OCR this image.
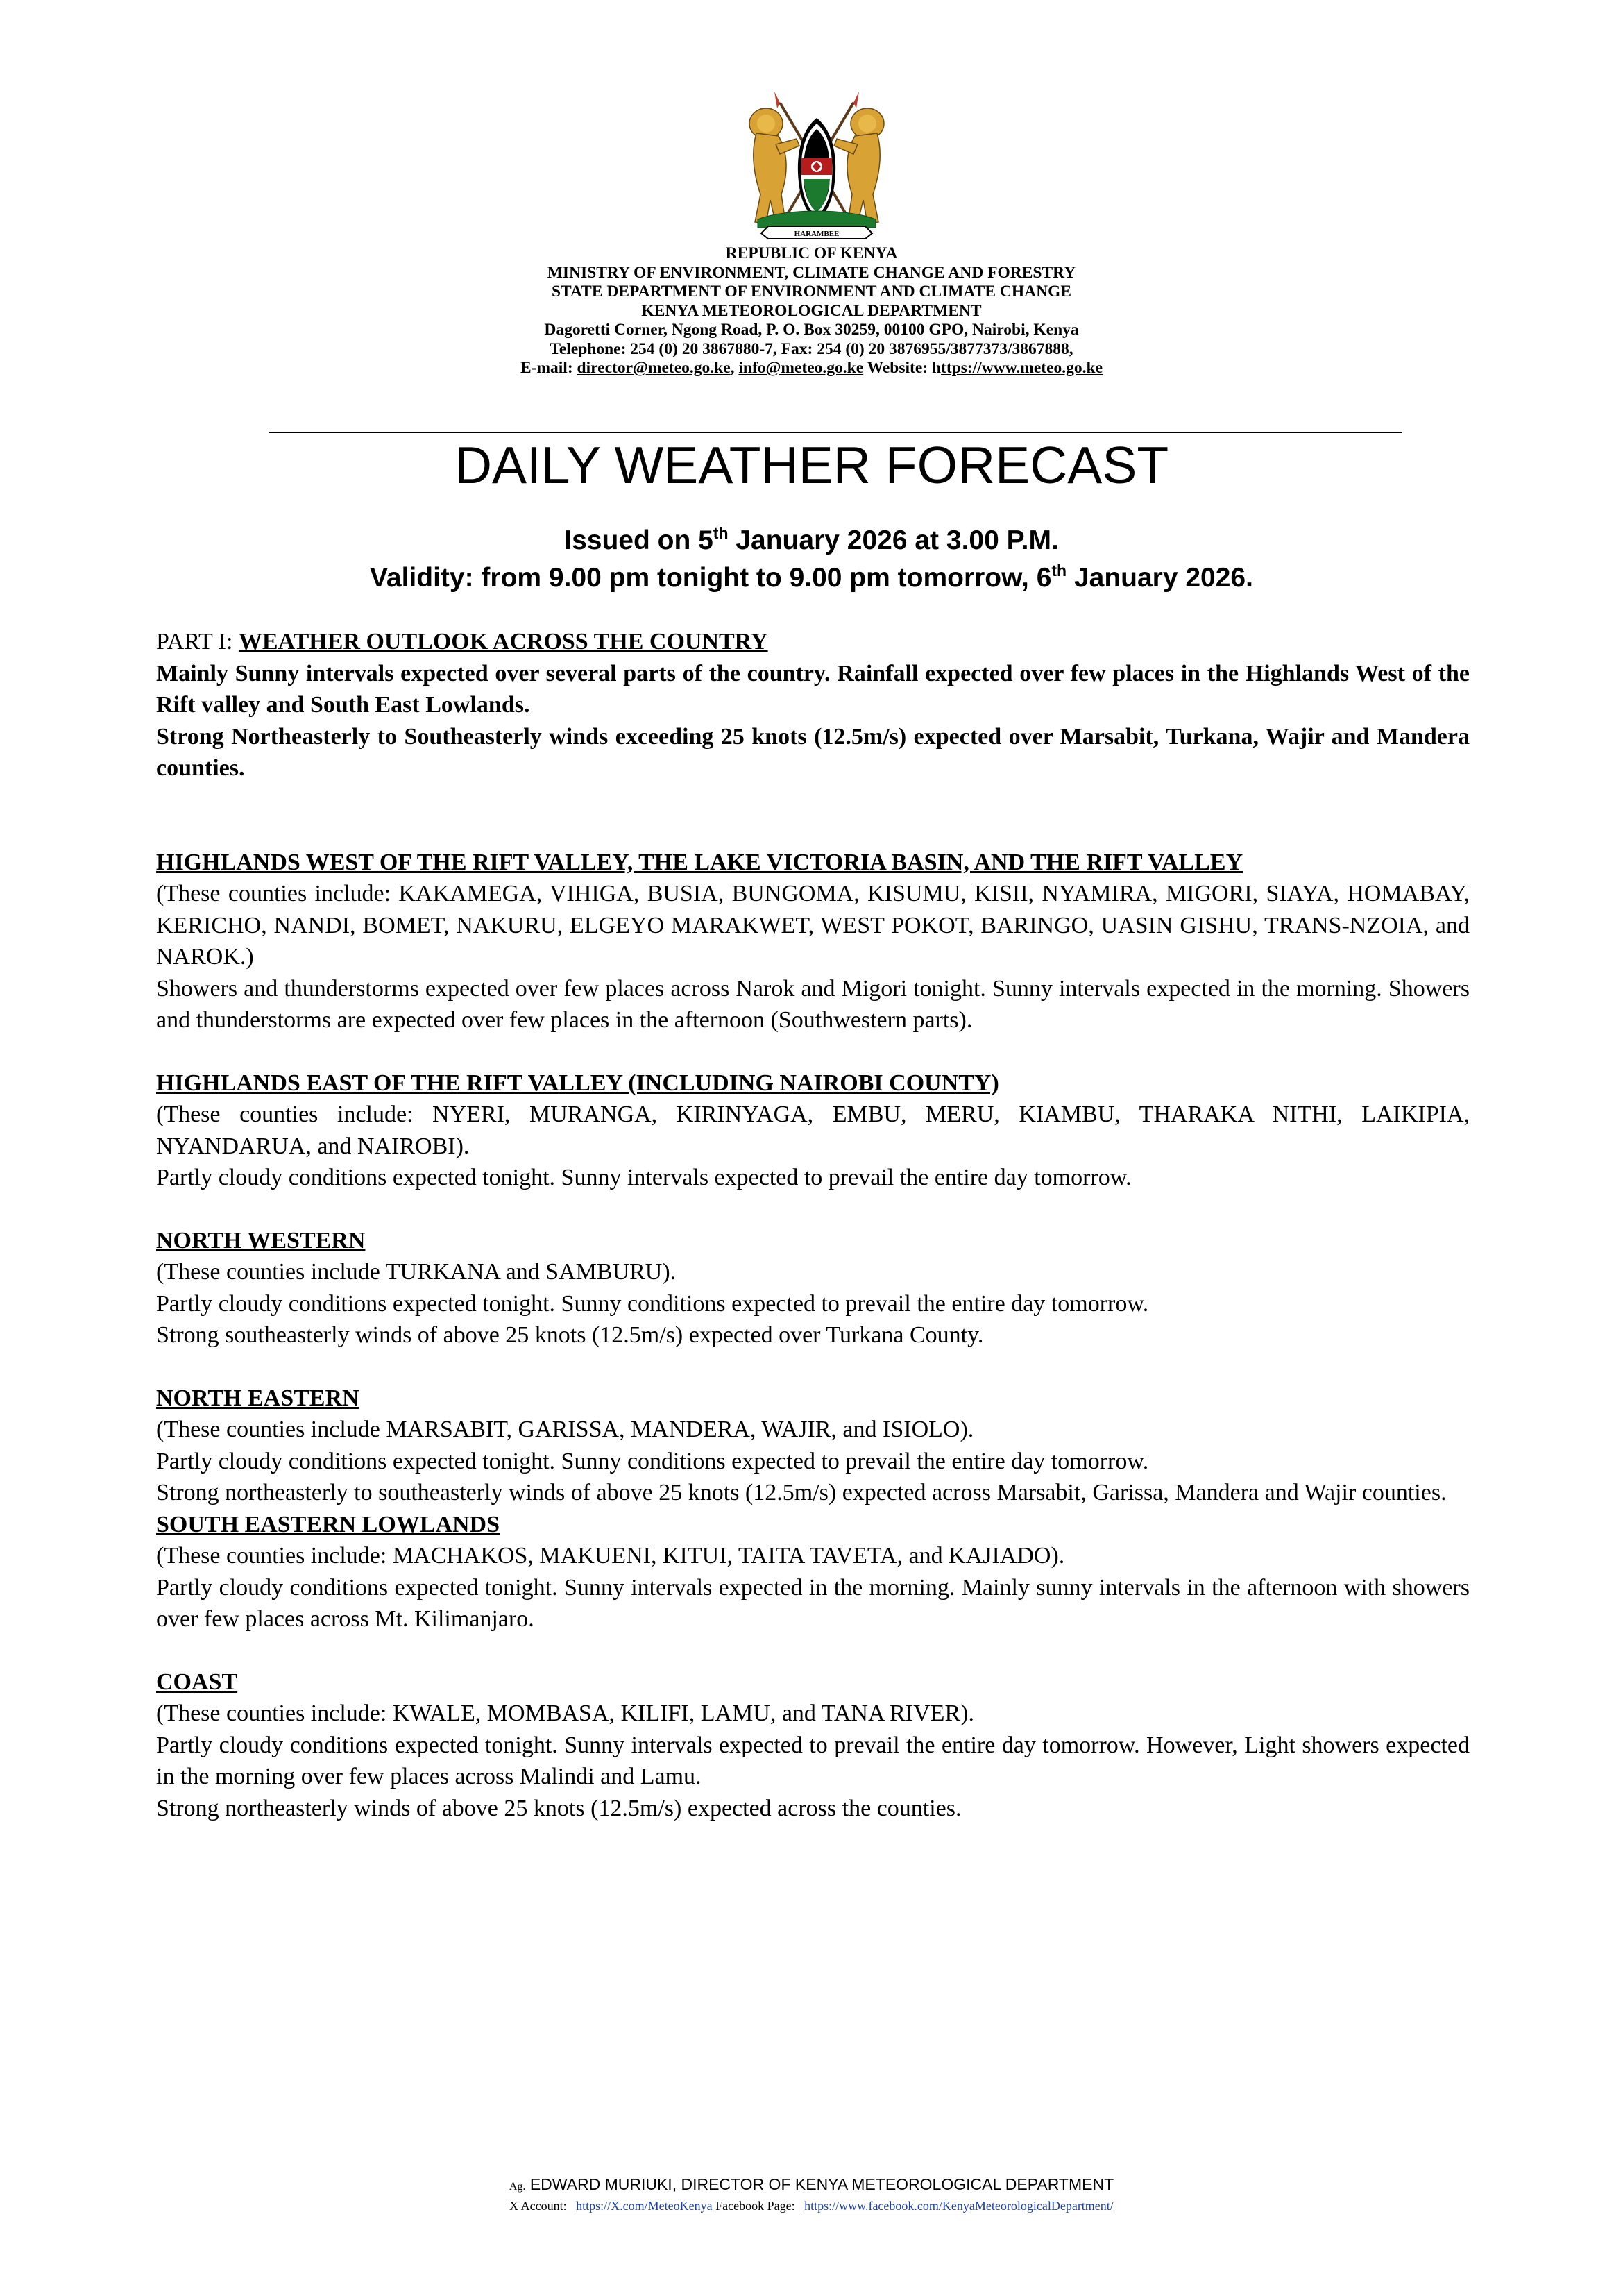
HARAMBEE
REPUBLIC OF KENYA
MINISTRY OF ENVIRONMENT, CLIMATE CHANGE AND FORESTRY
STATE DEPARTMENT OF ENVIRONMENT AND CLIMATE CHANGE
KENYA METEOROLOGICAL DEPARTMENT
Dagoretti Corner, Ngong Road, P. O. Box 30259, 00100 GPO, Nairobi, Kenya
Telephone: 254 (0) 20 3867880-7, Fax: 254 (0) 20 3876955/3877373/3867888,
E-mail: director@meteo.go.ke, info@meteo.go.ke Website: https://www.meteo.go.ke
DAILY WEATHER FORECAST
Issued on 5th January 2026 at 3.00 P.M.
Validity: from 9.00 pm tonight to 9.00 pm tomorrow, 6th January 2026.
PART I: WEATHER OUTLOOK ACROSS THE COUNTRY
Mainly Sunny intervals expected over several parts of the country. Rainfall expected over few places in the Highlands West of the Rift valley and South East Lowlands.
Strong Northeasterly to Southeasterly winds exceeding 25 knots (12.5m/s) expected over Marsabit, Turkana, Wajir and Mandera counties.
HIGHLANDS WEST OF THE RIFT VALLEY, THE LAKE VICTORIA BASIN, AND THE RIFT VALLEY
(These counties include: KAKAMEGA, VIHIGA, BUSIA, BUNGOMA, KISUMU, KISII, NYAMIRA, MIGORI, SIAYA, HOMABAY, KERICHO, NANDI, BOMET, NAKURU, ELGEYO MARAKWET, WEST POKOT, BARINGO, UASIN GISHU, TRANS-NZOIA, and NAROK.)
Showers and thunderstorms expected over few places across Narok and Migori tonight. Sunny intervals expected in the morning. Showers and thunderstorms are expected over few places in the afternoon (Southwestern parts).
HIGHLANDS EAST OF THE RIFT VALLEY (INCLUDING NAIROBI COUNTY)
(These counties include: NYERI, MURANGA, KIRINYAGA, EMBU, MERU, KIAMBU, THARAKA NITHI, LAIKIPIA, NYANDARUA, and NAIROBI).
Partly cloudy conditions expected tonight. Sunny intervals expected to prevail the entire day tomorrow.
NORTH WESTERN
(These counties include TURKANA and SAMBURU).
Partly cloudy conditions expected tonight. Sunny conditions expected to prevail the entire day tomorrow.
Strong southeasterly winds of above 25 knots (12.5m/s) expected over Turkana County.
NORTH EASTERN
(These counties include MARSABIT, GARISSA, MANDERA, WAJIR, and ISIOLO).
Partly cloudy conditions expected tonight. Sunny conditions expected to prevail the entire day tomorrow.
Strong northeasterly to southeasterly winds of above 25 knots (12.5m/s) expected across Marsabit, Garissa, Mandera and Wajir counties.
SOUTH EASTERN LOWLANDS
(These counties include: MACHAKOS, MAKUENI, KITUI, TAITA TAVETA, and KAJIADO).
Partly cloudy conditions expected tonight. Sunny intervals expected in the morning. Mainly sunny intervals in the afternoon with showers over few places across Mt. Kilimanjaro.
COAST
(These counties include: KWALE, MOMBASA, KILIFI, LAMU, and TANA RIVER).
Partly cloudy conditions expected tonight. Sunny intervals expected to prevail the entire day tomorrow. However, Light showers expected in the morning over few places across Malindi and Lamu.
Strong northeasterly winds of above 25 knots (12.5m/s) expected across the counties.
Ag. EDWARD MURIUKI, DIRECTOR OF KENYA METEOROLOGICAL DEPARTMENT
X Account: https://X.com/MeteoKenya Facebook Page: https://www.facebook.com/KenyaMeteorologicalDepartment/
